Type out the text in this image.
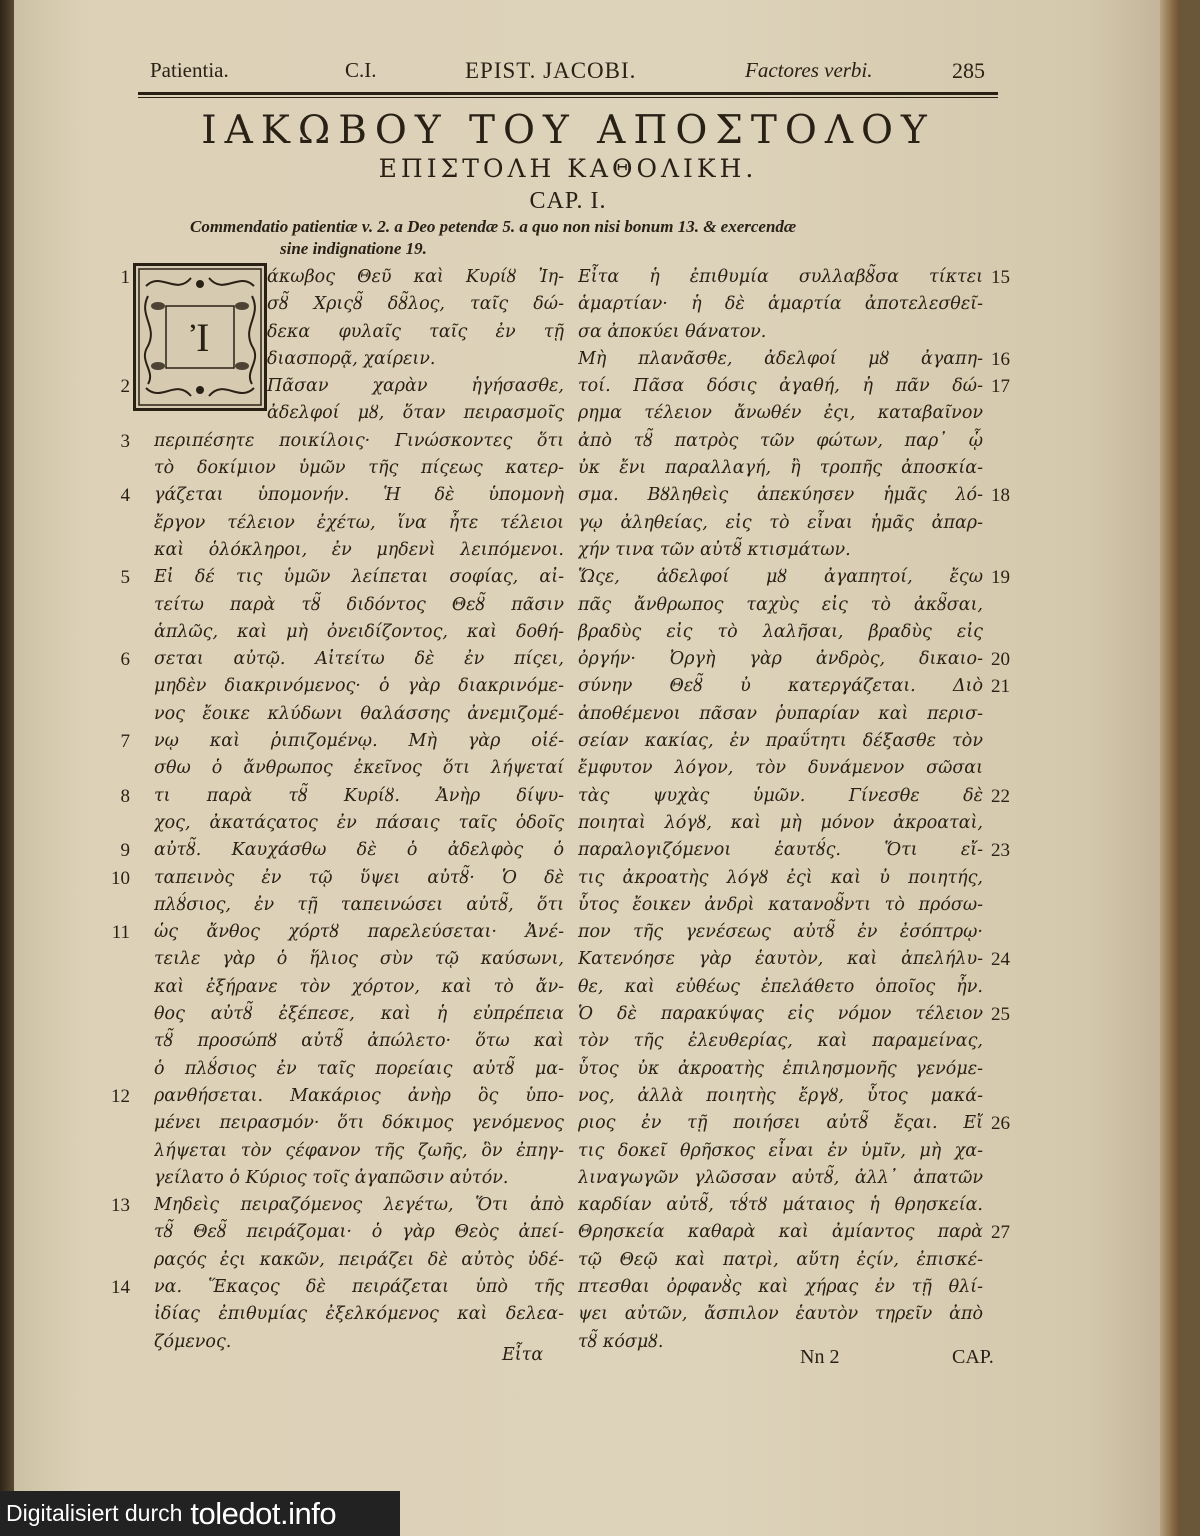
Patientia.	C.I.	EPIST. JACOBI.	Factores verbi.	285
ΙΑΚΩΒΟΥ ΤΟΥ ΑΠΟΣΤΟΛΟΥ
ΕΠΙΣΤΟΛΗ ΚΑΘΟΛΙΚΗ.
CAP. I.
Commendatio patientiæ v. 2. a Deo petendæ 5. a quo non nisi bonum 13. & exercendæ
sine indignatione 19.
Ἰ
1	άκωβος Θεῦ καὶ Κυρίȣ Ἰη-
σȣ̃ Χριςȣ̃ δȣ̃λος, ταῖς δώ-
δεκα φυλαῖς ταῖς ἐν τῇ
διασπορᾷ, χαίρειν.
2	Πᾶσαν χαρὰν ἡγήσασθε,
ἀδελφοί μȣ, ὅταν πειρασμοῖς
3 περιπέσητε ποικίλοις· Γινώσκοντες ὅτι
τὸ δοκίμιον ὑμῶν τῆς πίςεως κατερ-
4 γάζεται ὑπομονήν. Ἡ δὲ ὑπομονὴ
ἔργον τέλειον ἐχέτω, ἵνα ἦτε τέλειοι
καὶ ὁλόκληροι, ἐν μηδενὶ λειπόμενοι.
5 Εἰ δέ τις ὑμῶν λείπεται σοφίας, αἰ-
τείτω παρὰ τȣ̃ διδόντος Θεȣ̃ πᾶσιν
ἁπλῶς, καὶ μὴ ὀνειδίζοντος, καὶ δοθή-
6 σεται αὐτῷ. Αἰτείτω δὲ ἐν πίςει,
μηδὲν διακρινόμενος· ὁ γὰρ διακρινόμε-
νος ἔοικε κλύδωνι θαλάσσης ἀνεμιζομέ-
7 νῳ καὶ ῥιπιζομένῳ. Μὴ γὰρ οἰέ-
σθω ὁ ἄνθρωπος ἐκεῖνος ὅτι λήψεταί
8 τι παρὰ τȣ̃ Κυρίȣ. Ἀνὴρ δίψυ-
χος, ἀκατάςατος ἐν πάσαις ταῖς ὁδοῖς
9 αὐτȣ̃. Καυχάσθω δὲ ὁ ἀδελφὸς ὁ
10 ταπεινὸς ἐν τῷ ὕψει αὐτȣ̃· Ὁ δὲ
πλȣ́σιος, ἐν τῇ ταπεινώσει αὐτȣ̃, ὅτι
11 ὡς ἄνθος χόρτȣ παρελεύσεται· Ἀνέ-
τειλε γὰρ ὁ ἥλιος σὺν τῷ καύσωνι,
καὶ ἐξήρανε τὸν χόρτον, καὶ τὸ ἄν-
θος αὐτȣ̃ ἐξέπεσε, καὶ ἡ εὐπρέπεια
τȣ̃ προσώπȣ αὐτȣ̃ ἀπώλετο· ὅτω καὶ
ὁ πλȣ́σιος ἐν ταῖς πορείαις αὐτȣ̃ μα-
12 ρανθήσεται. Μακάριος ἀνὴρ ὃς ὑπο-
μένει πειρασμόν· ὅτι δόκιμος γενόμενος
λήψεται τὸν ςέφανον τῆς ζωῆς, ὃν ἐπηγ-
γείλατο ὁ Κύριος τοῖς ἀγαπῶσιν αὐτόν.
13 Μηδεὶς πειραζόμενος λεγέτω, Ὅτι ἀπὸ
τȣ̃ Θεȣ̃ πειράζομαι· ὁ γὰρ Θεὸς ἀπεί-
ραςός ἐςι κακῶν, πειράζει δὲ αὐτὸς ὐδέ-
14 να. Ἕκαςος δὲ πειράζεται ὑπὸ τῆς
ἰδίας ἐπιθυμίας ἐξελκόμενος καὶ δελεα-
ζόμενος.
15
Εἶτα ἡ ἐπιθυμία συλλαβȣ̃σα τίκτει
ἁμαρτίαν· ἡ δὲ ἁμαρτία ἀποτελεσθεῖ-
σα ἀποκύει θάνατον.
16
Μὴ πλανᾶσθε, ἀδελφοί μȣ ἀγαπη-
17
τοί. Πᾶσα δόσις ἀγαθή, ἠ πᾶν δώ-
ρημα τέλειον ἄνωθέν ἐςι, καταβαῖνον
ἀπὸ τȣ̃ πατρὸς τῶν φώτων, παρ᾽ ᾧ
ὐκ ἔνι παραλλαγή, ἢ τροπῆς ἀποσκία-
18
σμα. Βȣληθεὶς ἀπεκύησεν ἡμᾶς λό-
γῳ ἀληθείας, εἰς τὸ εἶναι ἡμᾶς ἀπαρ-
χήν τινα τῶν αὐτȣ̃ κτισμάτων.
19
Ὥςε, ἀδελφοί μȣ ἀγαπητοί, ἔςω
πᾶς ἄνθρωπος ταχὺς εἰς τὸ ἀκȣ̃σαι,
βραδὺς εἰς τὸ λαλῆσαι, βραδὺς εἰς
20
ὀργήν· Ὀργὴ γὰρ ἀνδρὸς, δικαιο-
21
σύνην Θεȣ̃ ὐ κατεργάζεται. Διὸ
ἀποθέμενοι πᾶσαν ῥυπαρίαν καὶ περισ-
σείαν κακίας, ἐν πραΰτητι δέξασθε τὸν
ἔμφυτον λόγον, τὸν δυνάμενον σῶσαι
22
τὰς ψυχὰς ὑμῶν. Γίνεσθε δὲ
ποιηταὶ λόγȣ, καὶ μὴ μόνον ἀκροαταὶ,
23
παραλογιζόμενοι ἑαυτȣ́ς. Ὅτι εἴ-
τις ἀκροατὴς λόγȣ ἐςὶ καὶ ὐ ποιητής,
ὗτος ἔοικεν ἀνδρὶ κατανοȣ̃ντι τὸ πρόσω-
πον τῆς γενέσεως αὐτȣ̃ ἐν ἐσόπτρῳ·
24
Κατενόησε γὰρ ἑαυτὸν, καὶ ἀπελήλυ-
θε, καὶ εὐθέως ἐπελάθετο ὁποῖος ἦν.
25
Ὁ δὲ παρακύψας εἰς νόμον τέλειον
τὸν τῆς ἐλευθερίας, καὶ παραμείνας,
ὗτος ὐκ ἀκροατὴς ἐπιλησμονῆς γενόμε-
νος, ἀλλὰ ποιητὴς ἔργȣ, ὗτος μακά-
26
ριος ἐν τῇ ποιήσει αὐτȣ̃ ἔςαι. Εἴ
τις δοκεῖ θρῆσκος εἶναι ἐν ὑμῖν, μὴ χα-
λιναγωγῶν γλῶσσαν αὐτȣ̃, ἀλλ᾽ ἀπατῶν
καρδίαν αὐτȣ̃, τȣ́τȣ μάταιος ἡ θρησκεία.
27
Θρησκεία καθαρὰ καὶ ἀμίαντος παρὰ
τῷ Θεῷ καὶ πατρὶ, αὕτη ἐςίν, ἐπισκέ-
πτεσθαι ὀρφανȣ̀ς καὶ χήρας ἐν τῇ θλί-
ψει αὐτῶν, ἄσπιλον ἑαυτὸν τηρεῖν ἀπὸ
τȣ̃ κόσμȣ.
Εἶτα	Nn 2	CAP.
Digitalisiert durch toledot.info
